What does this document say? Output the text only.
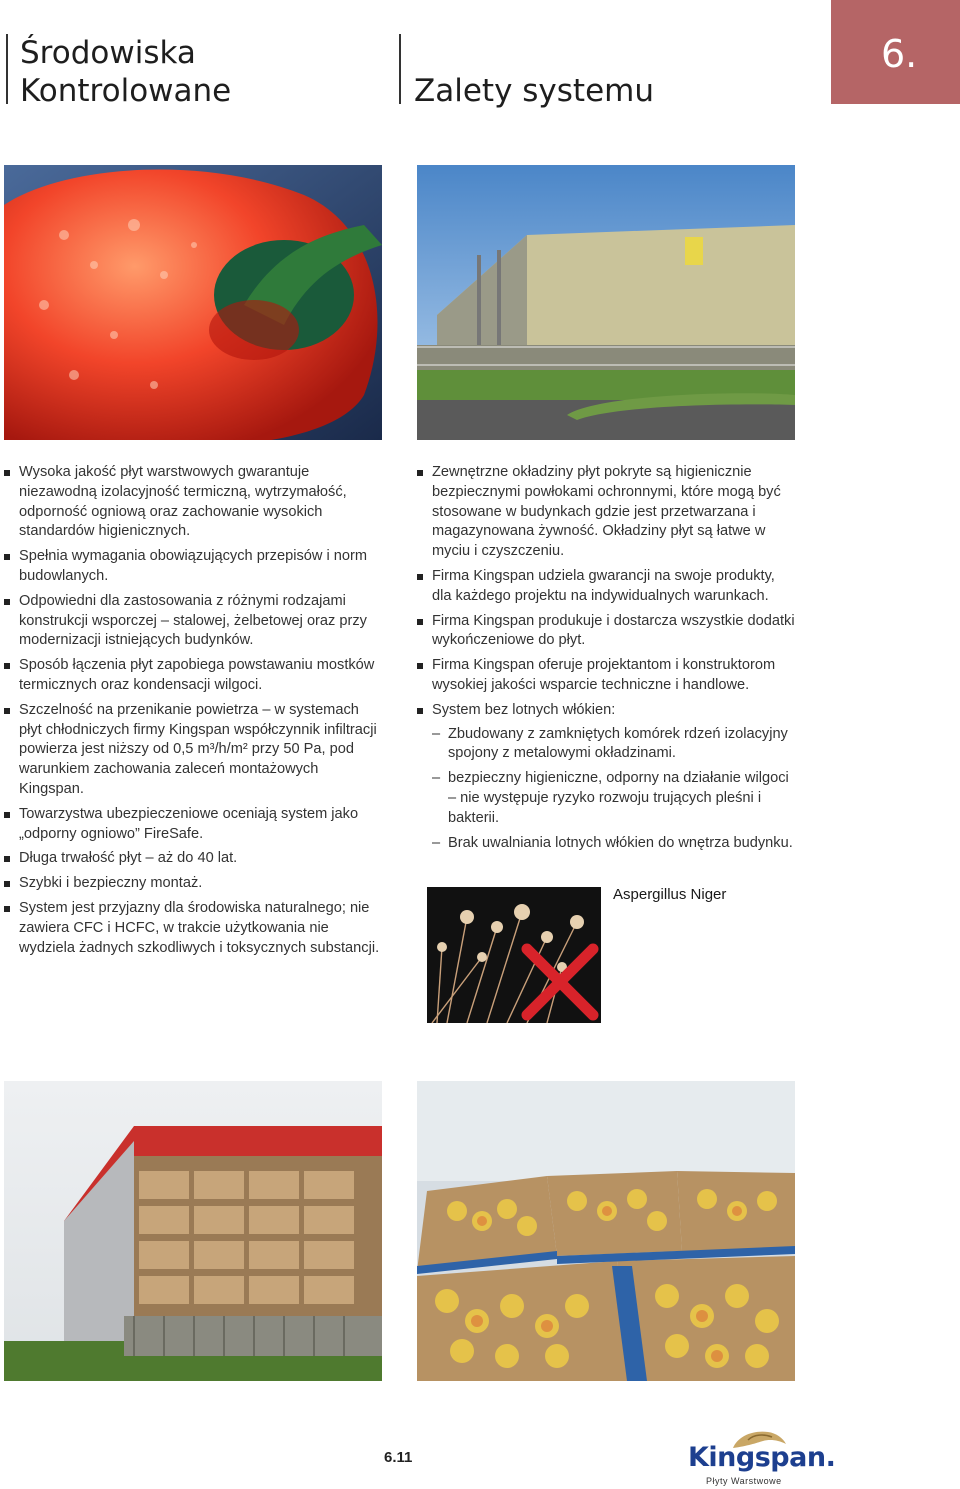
Środowiska
Kontrolowane	Zalety systemu
6.
Wysoka jakość płyt warstwowych gwarantuje niezawodną izolacyjność termiczną, wytrzymałość, odporność ogniową oraz zachowanie wysokich standardów higienicznych.
Spełnia wymagania obowiązujących przepisów i norm budowlanych.
Odpowiedni dla zastosowania z różnymi rodzajami konstrukcji wsporczej – stalowej, żelbetowej oraz przy modernizacji istniejących budynków.
Sposób łączenia płyt zapobiega powstawaniu mostków termicznych oraz kondensacji wilgoci.
Szczelność na przenikanie powietrza – w systemach płyt chłodniczych firmy Kingspan współczynnik infiltracji powierza jest niższy od 0,5 m³/h/m² przy 50 Pa, pod warunkiem zachowania zaleceń montażowych Kingspan.
Towarzystwa ubezpieczeniowe oceniają system jako „odporny ogniowo” FireSafe.
Długa trwałość płyt – aż do 40 lat.
Szybki i bezpieczny montaż.
System jest przyjazny dla środowiska naturalnego; nie zawiera CFC i HCFC, w trakcie użytkowania nie wydziela żadnych szkodliwych i toksycznych substancji.
Zewnętrzne okładziny płyt pokryte są higienicznie bezpiecznymi powłokami ochronnymi, które mogą być stosowane w budynkach gdzie jest przetwarzana i magazynowana żywność. Okładziny płyt są łatwe w myciu i czyszczeniu.
Firma Kingspan udziela gwarancji na swoje produkty, dla każdego projektu na indywidualnych warunkach.
Firma Kingspan produkuje i dostarcza wszystkie dodatki wykończeniowe do płyt.
Firma Kingspan oferuje projektantom i konstruktorom wysokiej jakości wsparcie techniczne i handlowe.
System bez lotnych włókien:
– Zbudowany z zamkniętych komórek rdzeń izolacyjny spojony z metalowymi okładzinami.
– bezpieczny higieniczne, odporny na działanie wilgoci – nie występuje ryzyko rozwoju trujących pleśni i bakterii.
– Brak uwalniania lotnych włókien do wnętrza budynku.
Aspergillus Niger
6.11	Kingspan.
Płyty Warstwowe
